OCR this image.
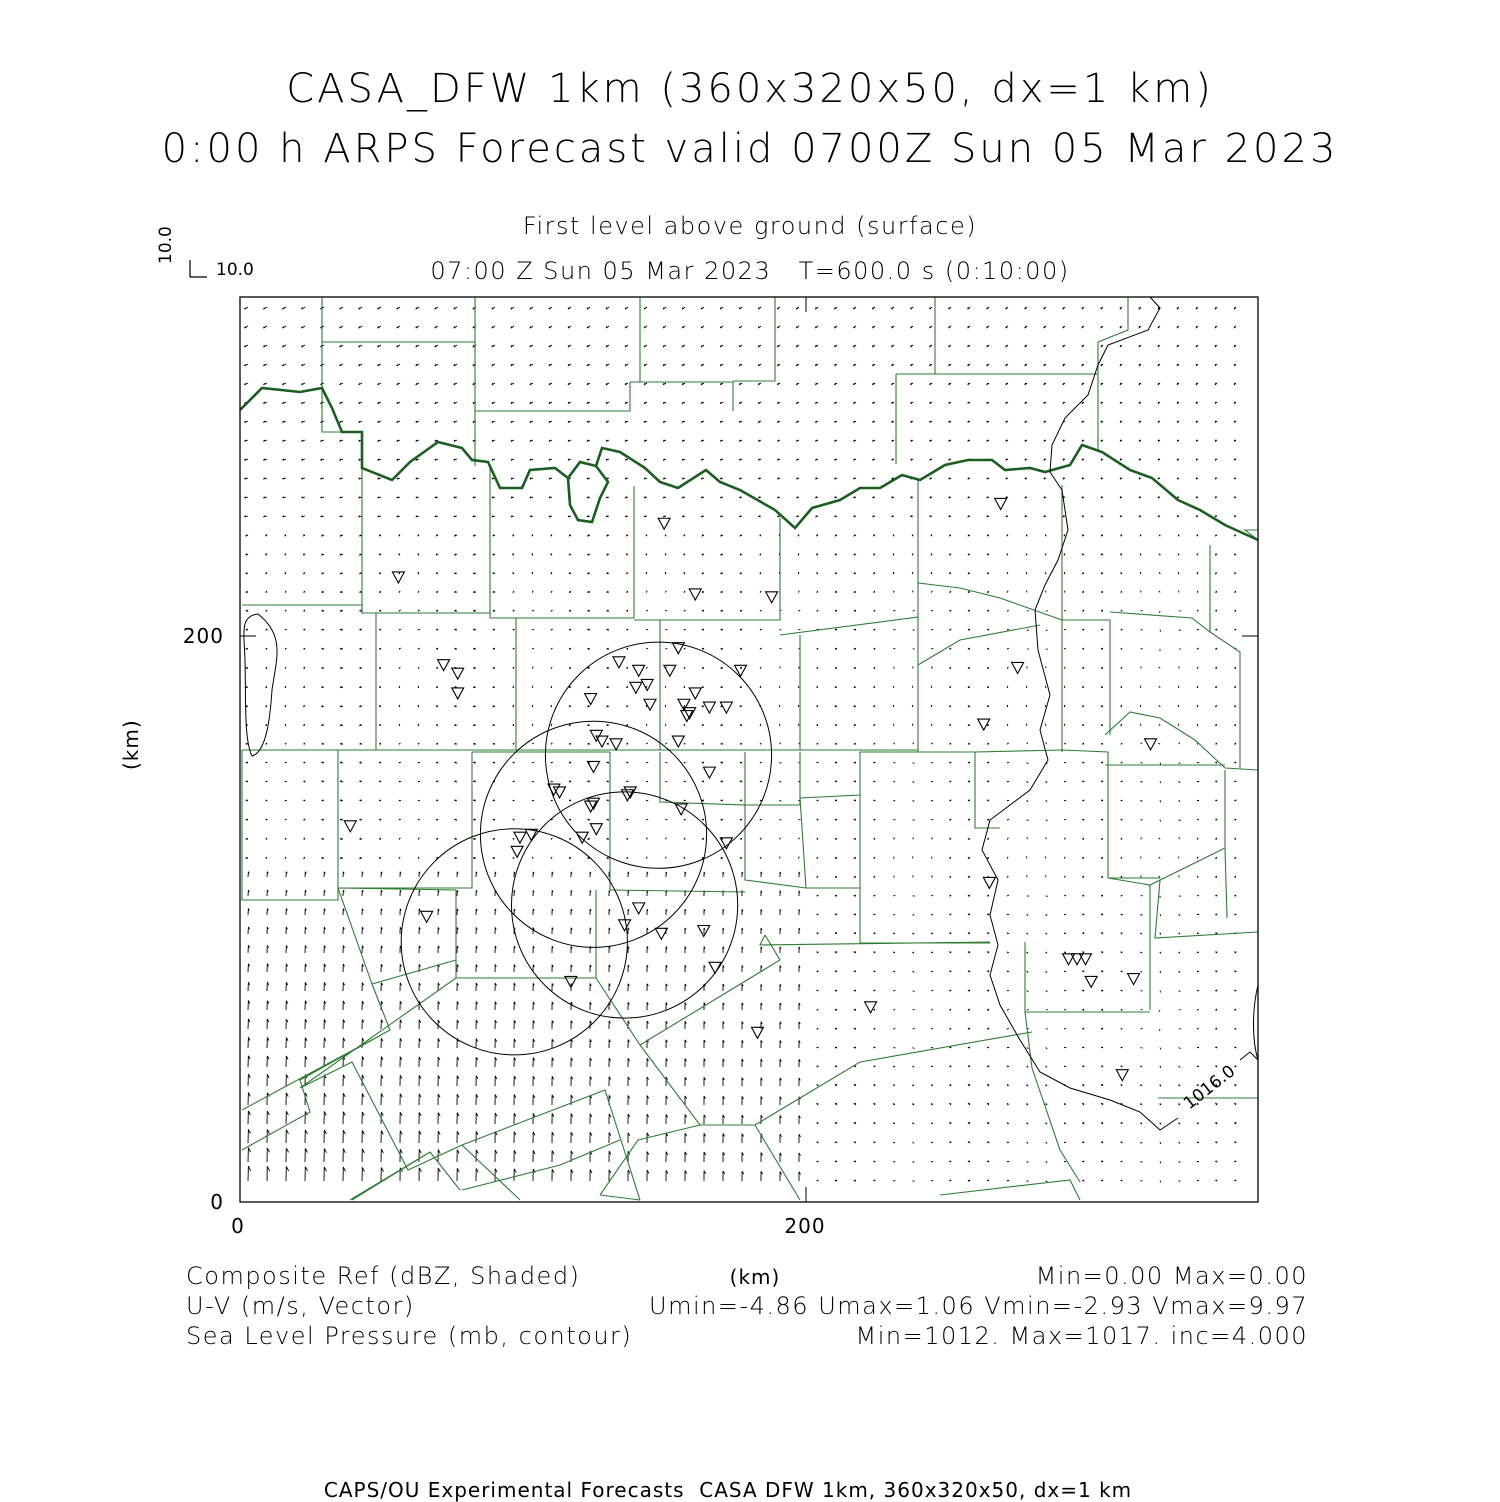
CASA_DFW 1km (360x320x50, dx=1 km)
0:00 h ARPS Forecast valid 0700Z Sun 05 Mar 2023
First level above ground (surface)
07:00 Z Sun 05 Mar 2023   T=600.0 s (0:10:00)
10.0
10.0
0
200
0	200
(km)
(km)
1016.0
Composite Ref (dBZ, Shaded)	Min=0.00 Max=0.00
U-V (m/s, Vector)	Umin=-4.86 Umax=1.06 Vmin=-2.93 Vmax=9.97
Sea Level Pressure (mb, contour)	Min=1012. Max=1017. inc=4.000
CAPS/OU Experimental Forecasts  CASA DFW 1km, 360x320x50, dx=1 km
